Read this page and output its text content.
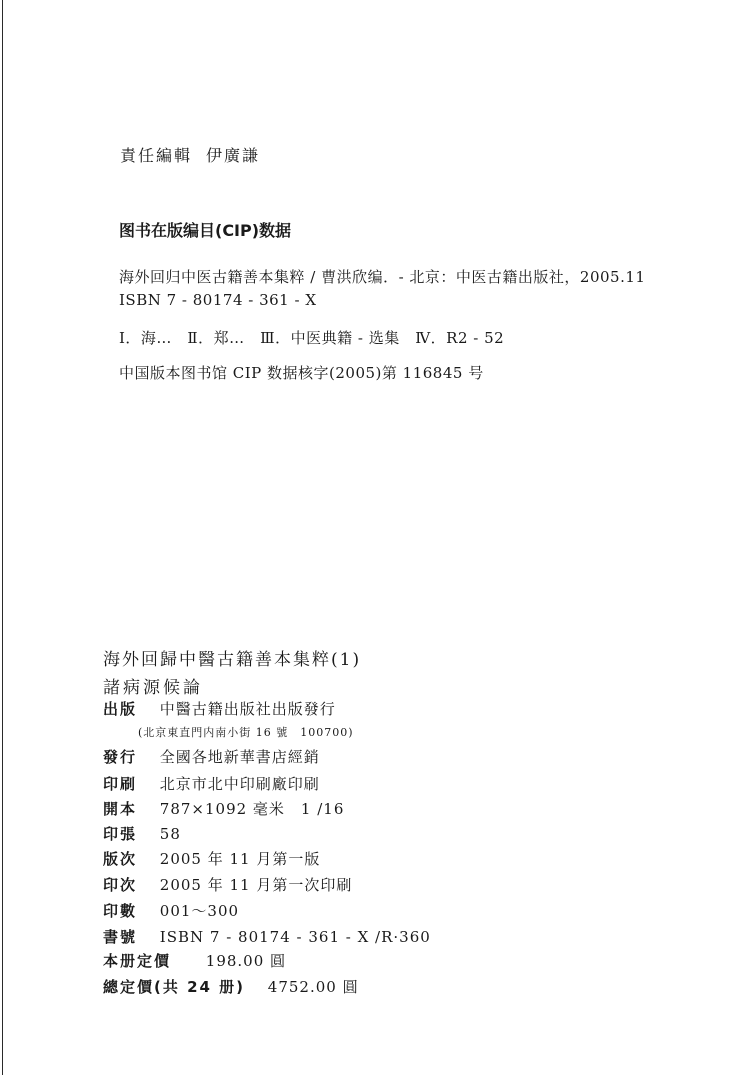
責任編輯 伊廣謙
图书在版编目(CIP)数据
海外回归中医古籍善本集粹 / 曹洪欣编．- 北京：中医古籍出版社，2005.11
ISBN 7 - 80174 - 361 - X
Ⅰ．海…　Ⅱ．郑…　Ⅲ．中医典籍 - 选集　Ⅳ．R2 - 52
中国版本图书馆 CIP 数据核字(2005)第 116845 号
海外回歸中醫古籍善本集粹(1)
諸病源候論
出版 中醫古籍出版社出版發行
(北京東直門内南小街 16 號　100700)
發行 全國各地新華書店經銷
印刷 北京市北中印刷廠印刷
開本 787×1092 毫米　1 /16
印張 58
版次 2005 年 11 月第一版
印次 2005 年 11 月第一次印刷
印數 001～300
書號 ISBN 7 - 80174 - 361 - X /R·360
本册定價 198.00 圓
總定價(共 24 册) 4752.00 圓
